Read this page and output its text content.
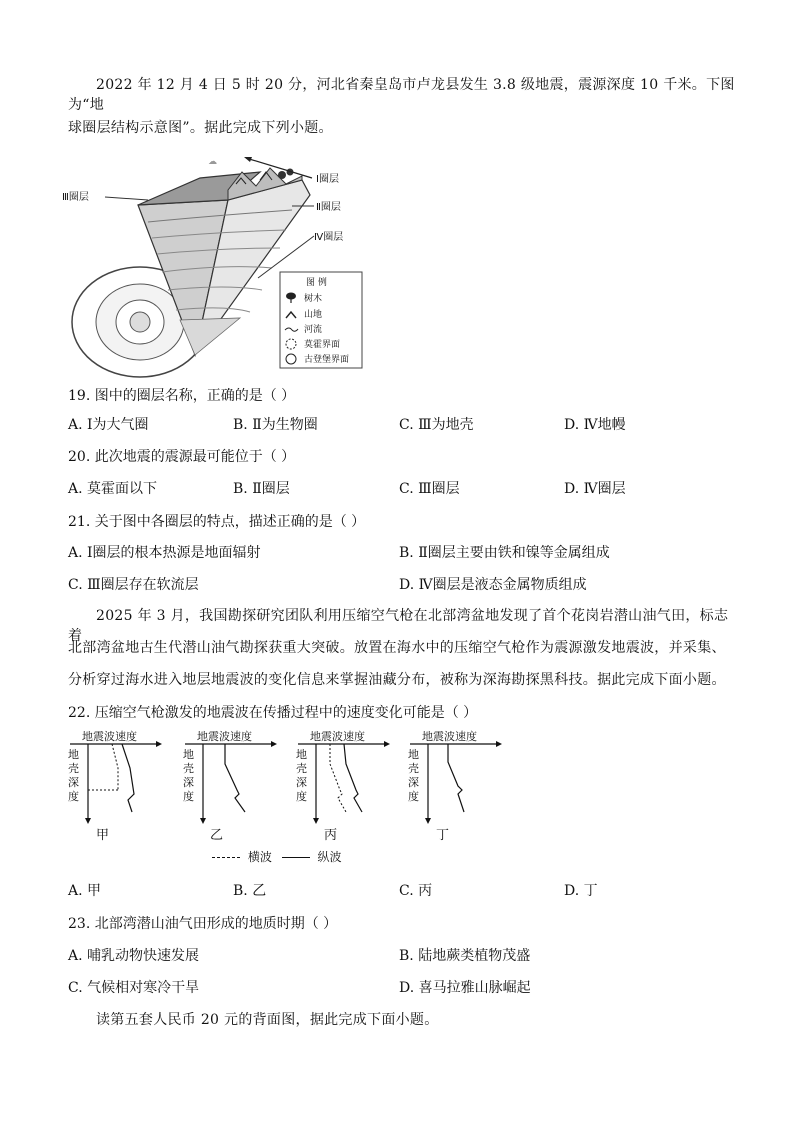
2022 年 12 月 4 日 5 时 20 分，河北省秦皇岛市卢龙县发生 3.8 级地震，震源深度 10 千米。下图为“地
球圈层结构示意图”。据此完成下列小题。
☁
Ⅲ圈层
Ⅰ圈层
Ⅱ圈层
Ⅳ圈层
图 例
树木
山地
河流
莫霍界面
古登堡界面
19. 图中的圈层名称，正确的是（ ）
A. Ⅰ为大气圈	B. Ⅱ为生物圈	C. Ⅲ为地壳	D. Ⅳ地幔
20. 此次地震的震源最可能位于（ ）
A. 莫霍面以下	B. Ⅱ圈层	C. Ⅲ圈层	D. Ⅳ圈层
21. 关于图中各圈层的特点，描述正确的是（ ）
A. Ⅰ圈层的根本热源是地面辐射	B. Ⅱ圈层主要由铁和镍等金属组成
C. Ⅲ圈层存在软流层	D. Ⅳ圈层是液态金属物质组成
2025 年 3 月，我国勘探研究团队利用压缩空气枪在北部湾盆地发现了首个花岗岩潜山油气田，标志着
北部湾盆地古生代潜山油气勘探获重大突破。放置在海水中的压缩空气枪作为震源激发地震波，并采集、
分析穿过海水进入地层地震波的变化信息来掌握油藏分布，被称为深海勘探黑科技。据此完成下面小题。
22. 压缩空气枪激发的地震波在传播过程中的速度变化可能是（ ）
地震波速度
地
壳
深
度
地震波速度
地
壳
深
度
地震波速度
地
壳
深
度
地震波速度
地
壳
深
度
甲	乙	丙	丁
横波	纵波
A. 甲	B. 乙	C. 丙	D. 丁
23. 北部湾潜山油气田形成的地质时期（ ）
A. 哺乳动物快速发展	B. 陆地蕨类植物茂盛
C. 气候相对寒冷干旱	D. 喜马拉雅山脉崛起
读第五套人民币 20 元的背面图，据此完成下面小题。
